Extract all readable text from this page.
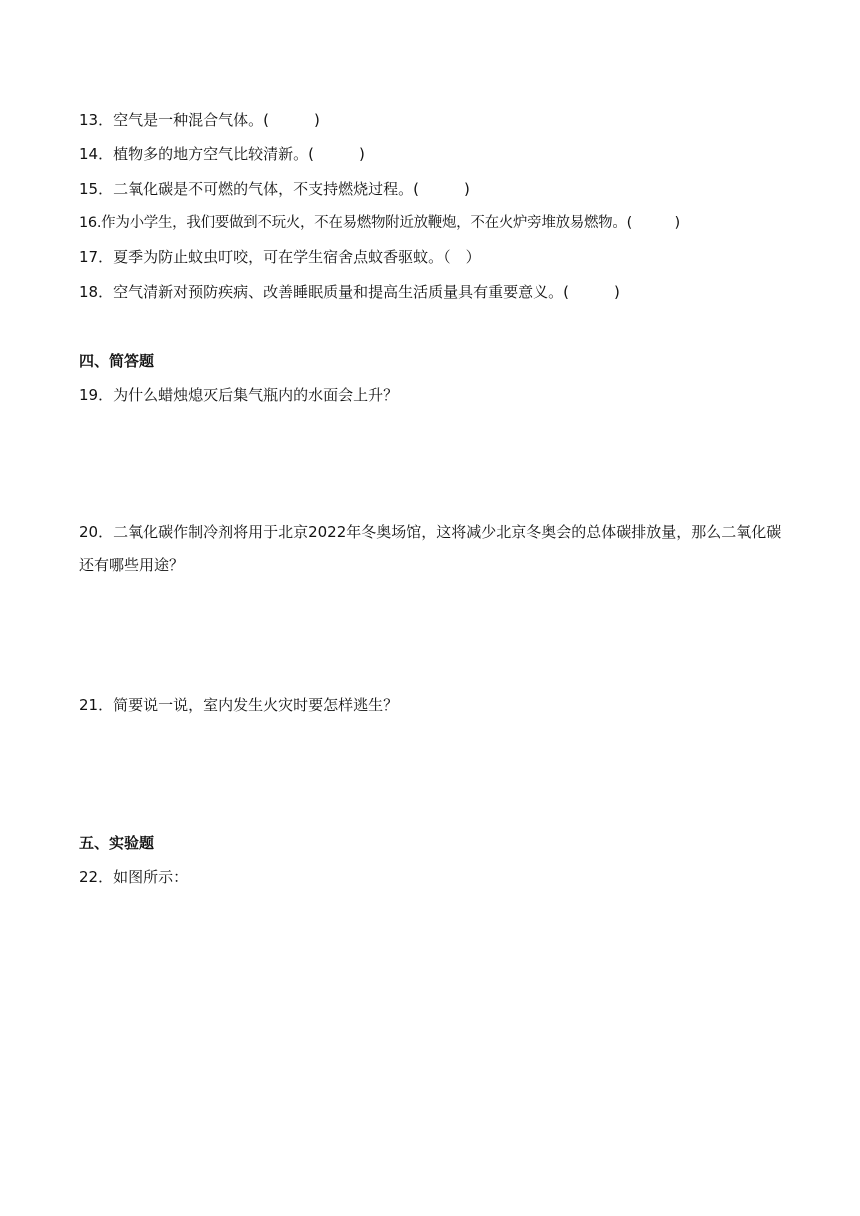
13．空气是一种混合气体。(　　　)
14．植物多的地方空气比较清新。(　　　)
15．二氧化碳是不可燃的气体，不支持燃烧过程。(　　　)
16.作为小学生，我们要做到不玩火，不在易燃物附近放鞭炮，不在火炉旁堆放易燃物。(　　　)
17．夏季为防止蚊虫叮咬，可在学生宿舍点蚊香驱蚊。（　）
18．空气清新对预防疾病、改善睡眠质量和提高生活质量具有重要意义。(　　　)
四、简答题
19．为什么蜡烛熄灭后集气瓶内的水面会上升？
20．二氧化碳作制冷剂将用于北京2022年冬奥场馆，这将减少北京冬奥会的总体碳排放量，那么二氧化碳还有哪些用途？
21．简要说一说，室内发生火灾时要怎样逃生？
五、实验题
22．如图所示：
